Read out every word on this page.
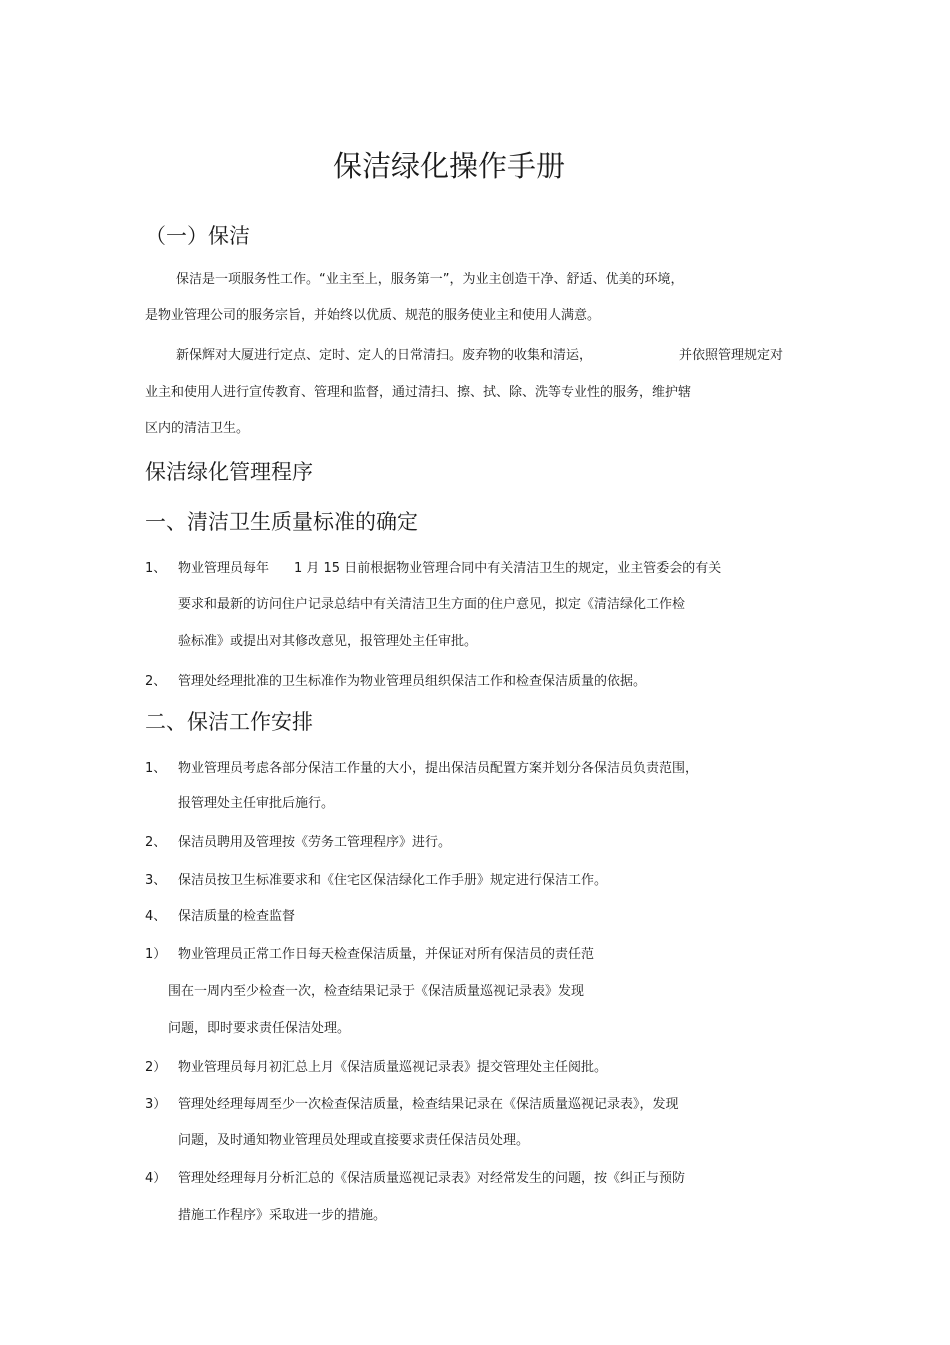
保洁绿化操作手册
（一）保洁
保洁是一项服务性工作。“业主至上，服务第一”，为业主创造干净、舒适、优美的环境，
是物业管理公司的服务宗旨，并始终以优质、规范的服务使业主和使用人满意。
新保辉对大厦进行定点、定时、定人的日常清扫。废弃物的收集和清运，	并依照管理规定对
业主和使用人进行宣传教育、管理和监督，通过清扫、擦、拭、除、洗等专业性的服务，维护辖
区内的清洁卫生。
保洁绿化管理程序
一、清洁卫生质量标准的确定
1、 物业管理员每年 1 月 15 日前根据物业管理合同中有关清洁卫生的规定，业主管委会的有关
要求和最新的访问住户记录总结中有关清洁卫生方面的住户意见，拟定《清洁绿化工作检
验标准》或提出对其修改意见，报管理处主任审批。
2、 管理处经理批准的卫生标准作为物业管理员组织保洁工作和检查保洁质量的依据。
二、保洁工作安排
1、 物业管理员考虑各部分保洁工作量的大小，提出保洁员配置方案并划分各保洁员负责范围，
报管理处主任审批后施行。
2、 保洁员聘用及管理按《劳务工管理程序》进行。
3、 保洁员按卫生标准要求和《住宅区保洁绿化工作手册》规定进行保洁工作。
4、 保洁质量的检查监督
1） 物业管理员正常工作日每天检查保洁质量，并保证对所有保洁员的责任范
围在一周内至少检查一次，检查结果记录于《保洁质量巡视记录表》发现
问题，即时要求责任保洁处理。
2） 物业管理员每月初汇总上月《保洁质量巡视记录表》提交管理处主任阅批。
3） 管理处经理每周至少一次检查保洁质量，检查结果记录在《保洁质量巡视记录表》，发现
问题，及时通知物业管理员处理或直接要求责任保洁员处理。
4） 管理处经理每月分析汇总的《保洁质量巡视记录表》对经常发生的问题，按《纠正与预防
措施工作程序》采取进一步的措施。
